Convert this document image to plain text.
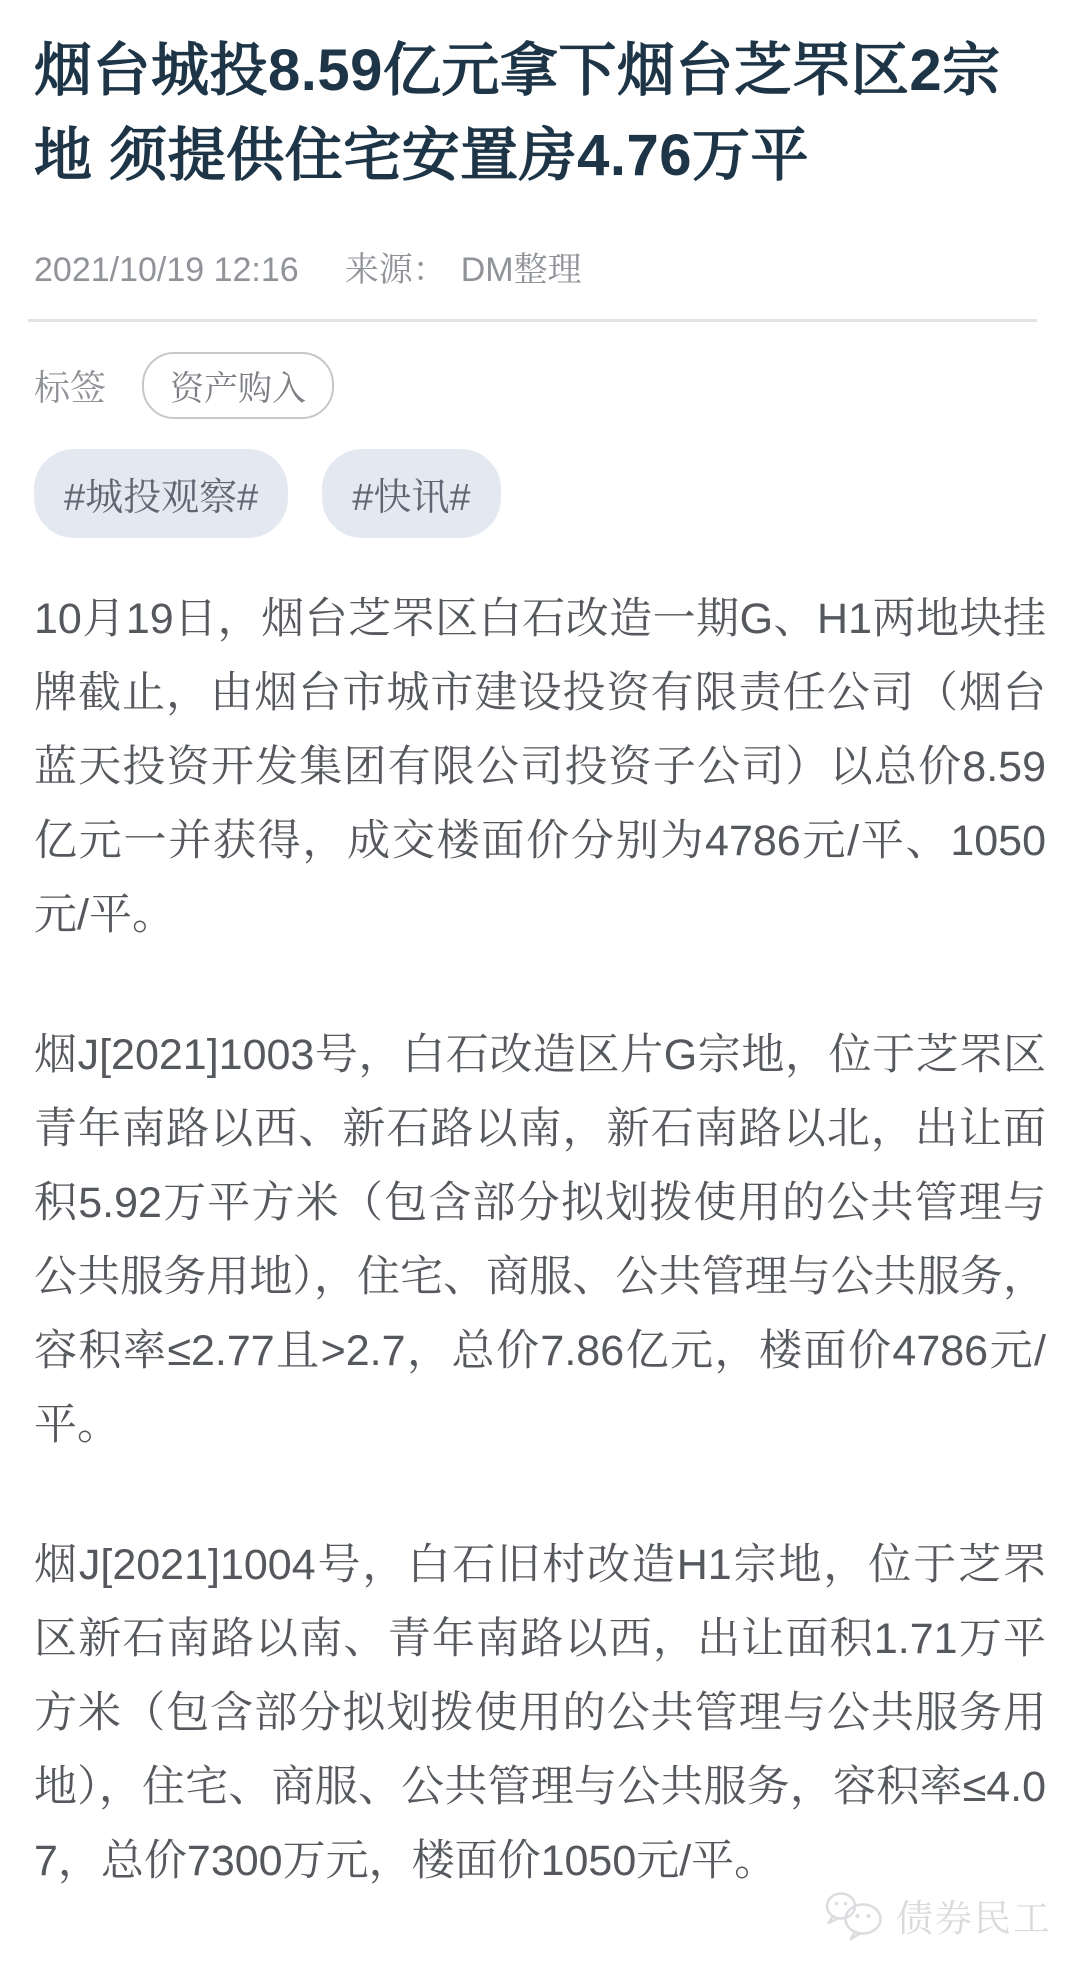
烟台城投8.59亿元拿下烟台芝罘区2宗地 须提供住宅安置房4.76万平
2021/10/19 12:16 来源： DM整理
标签	资产购入
#城投观察#	#快讯#

10月19日，烟台芝罘区白石改造一期G、H1两地块挂牌截止，由烟台市城市建设投资有限责任公司（烟台蓝天投资开发集团有限公司投资子公司）以总价8.59亿元一并获得，成交楼面价分别为4786元/平、1050元/平。

烟J[2021]1003号，白石改造区片G宗地，位于芝罘区青年南路以西、新石路以南，新石南路以北，出让面积5.92万平方米（包含部分拟划拨使用的公共管理与公共服务用地），住宅、商服、公共管理与公共服务，容积率≤2.77且>2.7，总价7.86亿元，楼面价4786元/平。

烟J[2021]1004号，白石旧村改造H1宗地，位于芝罘区新石南路以南、青年南路以西，出让面积1.71万平方米（包含部分拟划拨使用的公共管理与公共服务用地），住宅、商服、公共管理与公共服务，容积率≤4.07，总价7300万元，楼面价1050元/平。

债券民工
